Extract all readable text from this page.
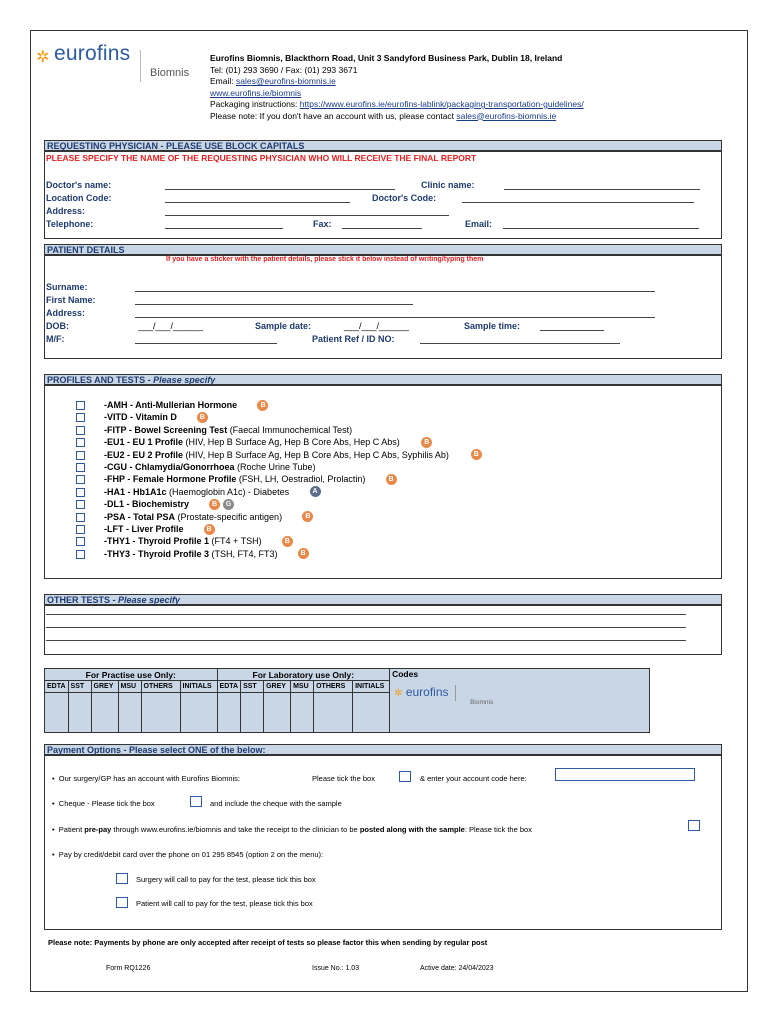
✲ eurofins
Biomnis
Eurofins Biomnis, Blackthorn Road, Unit 3 Sandyford Business Park, Dublin 18, Ireland
Tel: (01) 293 3690 / Fax: (01) 293 3671
Email: sales@eurofins-biomnis.ie
www.eurofins.ie/biomnis
Packaging instructions: https://www.eurofins.ie/eurofins-lablink/packaging-transportation-guidelines/
Please note: If you don't have an account with us, please contact sales@eurofins-biomnis.ie
REQUESTING PHYSICIAN - PLEASE USE BLOCK CAPITALS
PLEASE SPECIFY THE NAME OF THE REQUESTING PHYSICIAN WHO WILL RECEIVE THE FINAL REPORT
Doctor's name:	Clinic name:
Location Code:	Doctor's Code:
Address:
Telephone:	Fax:	Email:
PATIENT DETAILS
If you have a sticker with the patient details, please stick it below instead of writing/typing them
Surname:
First Name:
Address:
DOB:	___/___/______	Sample date:	___/___/______	Sample time:
M/F:	Patient Ref / ID NO:
PROFILES AND TESTS - Please specify
-AMH - Anti-Mullerian Hormone	B
-VITD - Vitamin D	B
-FITP - Bowel Screening Test (Faecal Immunochemical Test)
-EU1 - EU 1 Profile (HIV, Hep B Surface Ag, Hep B Core Abs, Hep C Abs)	B
-EU2 - EU 2 Profile (HIV, Hep B Surface Ag, Hep B Core Abs, Hep C Abs, Syphilis Ab)	B
-CGU - Chlamydia/Gonorrhoea (Roche Urine Tube)
-FHP - Female Hormone Profile (FSH, LH, Oestradiol, Prolactin)	B
-HA1 - Hb1A1c (Haemoglobin A1c) - Diabetes	A
-DL1 - Biochemistry	B	G
-PSA - Total PSA (Prostate-specific antigen)	B
-LFT - Liver Profile	B
-THY1 - Thyroid Profile 1 (FT4 + TSH)	B
-THY3 - Thyroid Profile 3 (TSH, FT4, FT3)	B
OTHER TESTS - Please specify
For Practise use Only:						For Laboratory use Only:						Codes
✲ eurofins
Biomnis

EDTA	SST	GREY	MSU	OTHERS	INITIALS	EDTA	SST	GREY	MSU	OTHERS	INITIALS	

Payment Options - Please select ONE of the below:
•  Our surgery/GP has an account with Eurofins Biomnis:	Please tick the box	& enter your account code here:
•  Cheque - Please tick the box	and include the cheque with the sample
•  Patient pre-pay through www.eurofins.ie/biomnis and take the receipt to the clinician to be posted along with the sample: Please tick the box
•  Pay by credit/debit card over the phone on 01 295 8545 (option 2 on the menu):
Surgery will call to pay for the test, please tick this box
Patient will call to pay for the test, please tick this box
Please note: Payments by phone are only accepted after receipt of tests so please factor this when sending by regular post
Form RQ1226	Issue No.: 1.03	Active date: 24/04/2023
